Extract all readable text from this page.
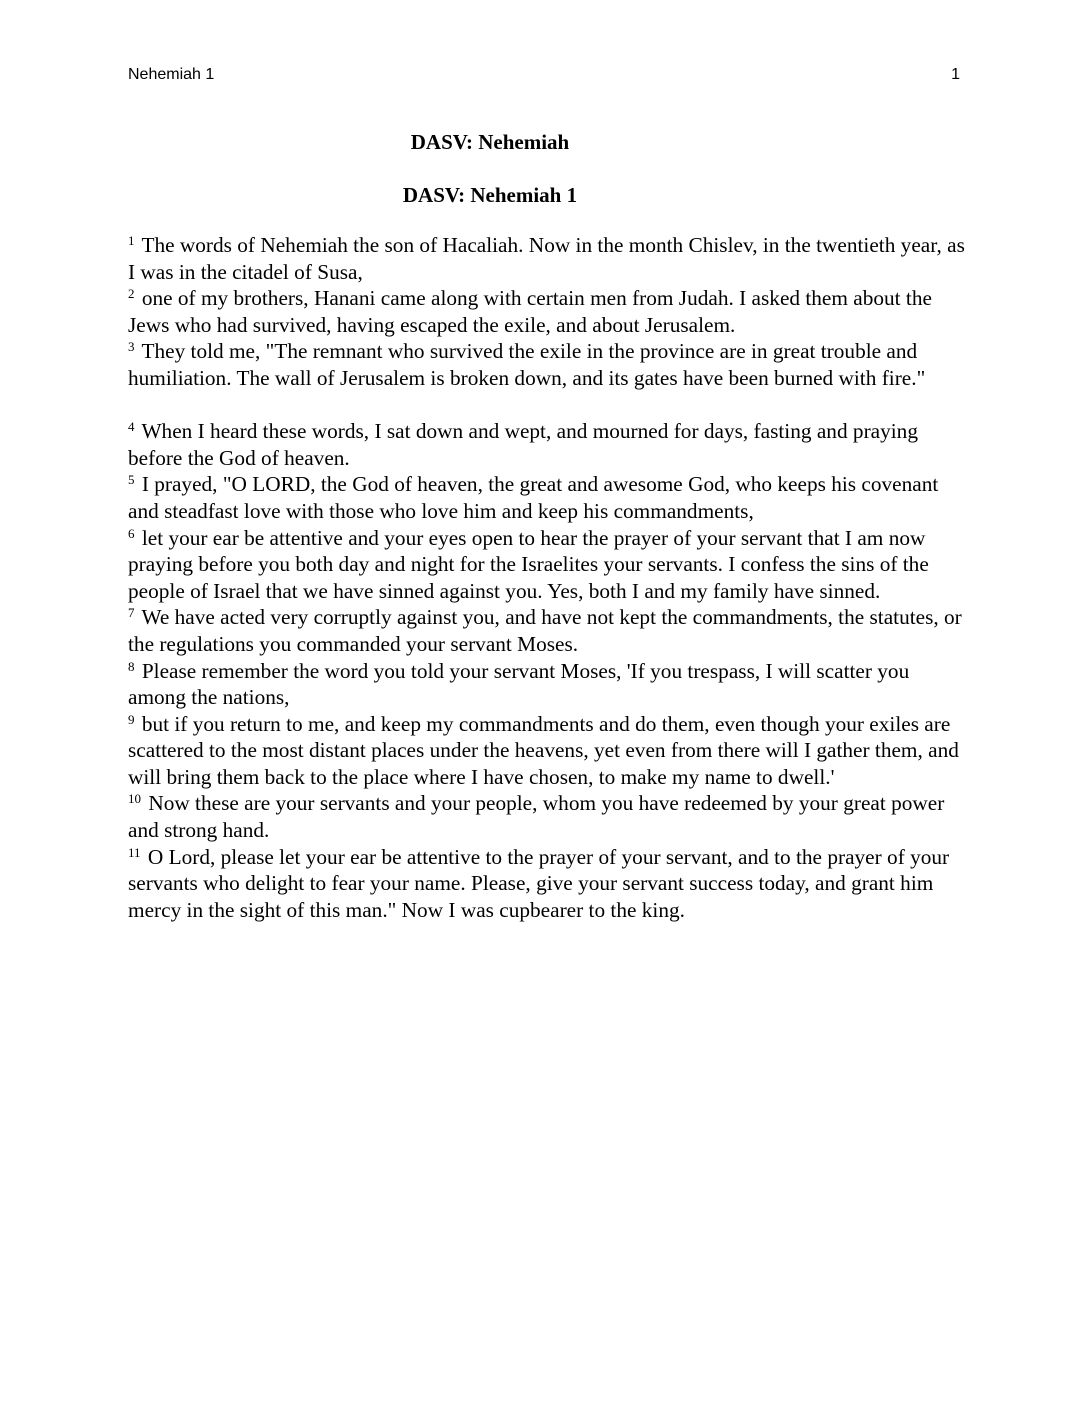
Nehemiah 1	1
DASV: Nehemiah
DASV: Nehemiah 1

$^1$ The words of Nehemiah the son of Hacaliah. Now in the month Chislev, in the twentieth year, as I was in the citadel of Susa,

$^2$ one of my brothers, Hanani came along with certain men from Judah. I asked them about the Jews who had survived, having escaped the exile, and about Jerusalem.

$^3$ They told me, "The remnant who survived the exile in the province are in great trouble and humiliation. The wall of Jerusalem is broken down, and its gates have been burned with fire."

$^4$ When I heard these words, I sat down and wept, and mourned for days, fasting and praying before the God of heaven.

$^5$ I prayed, "O LORD, the God of heaven, the great and awesome God, who keeps his covenant and steadfast love with those who love him and keep his commandments,

$^6$ let your ear be attentive and your eyes open to hear the prayer of your servant that I am now praying before you both day and night for the Israelites your servants. I confess the sins of the people of Israel that we have sinned against you. Yes, both I and my family have sinned.

$^7$ We have acted very corruptly against you, and have not kept the commandments, the statutes, or the regulations you commanded your servant Moses.

$^8$ Please remember the word you told your servant Moses, 'If you trespass, I will scatter you among the nations,

$^9$ but if you return to me, and keep my commandments and do them, even though your exiles are scattered to the most distant places under the heavens, yet even from there will I gather them, and will bring them back to the place where I have chosen, to make my name to dwell.'

$^{10}$ Now these are your servants and your people, whom you have redeemed by your great power and strong hand.

$^{11}$ O Lord, please let your ear be attentive to the prayer of your servant, and to the prayer of your servants who delight to fear your name. Please, give your servant success today, and grant him mercy in the sight of this man." Now I was cupbearer to the king.
